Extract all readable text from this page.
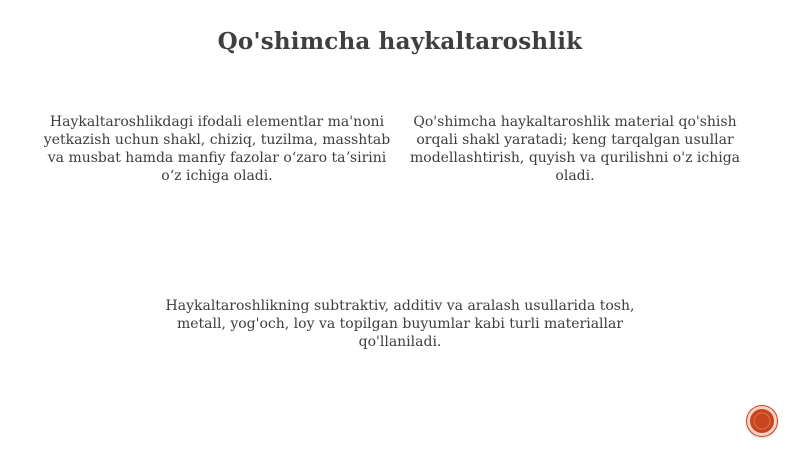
Qo'shimcha haykaltaroshlik
Haykaltaroshlikdagi ifodali elementlar ma'noni yetkazish uchun shakl, chiziq, tuzilma, masshtab va musbat hamda manfiy fazolar oʻzaro taʼsirini oʻz ichiga oladi.
Qo'shimcha haykaltaroshlik material qo'shish orqali shakl yaratadi; keng tarqalgan usullar modellashtirish, quyish va qurilishni o'z ichiga oladi.
Haykaltaroshlikning subtraktiv, additiv va aralash usullarida tosh, metall, yog'och, loy va topilgan buyumlar kabi turli materiallar qo'llaniladi.
